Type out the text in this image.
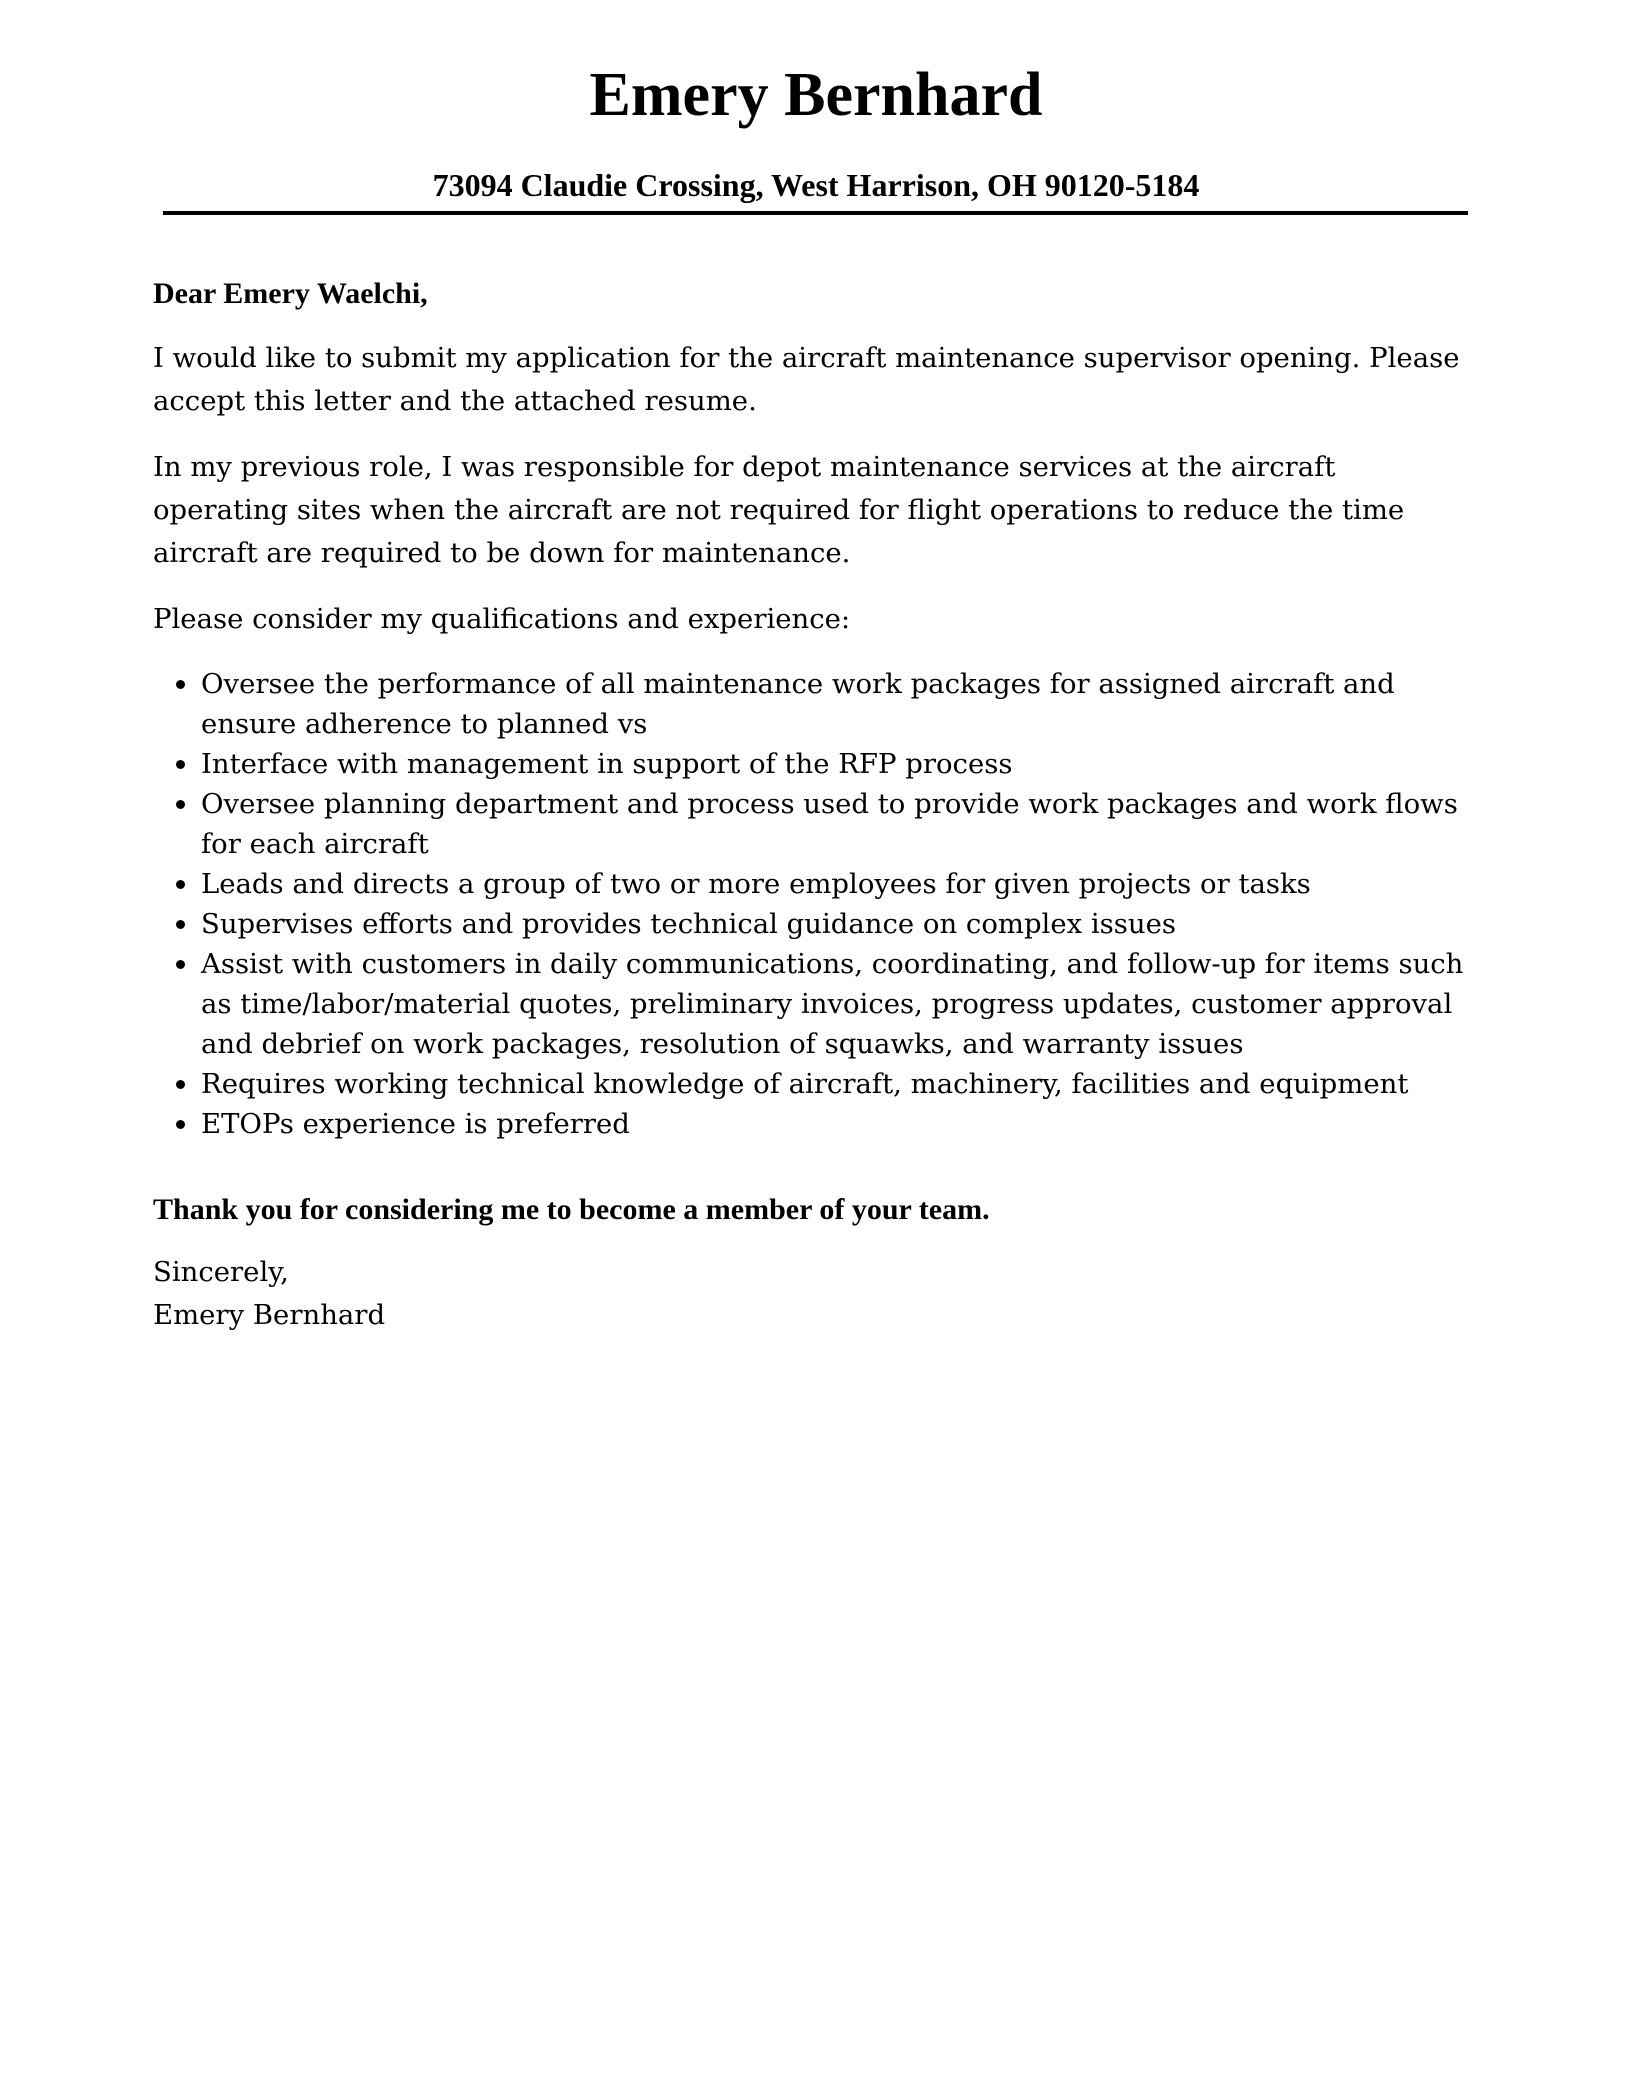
Emery Bernhard
73094 Claudie Crossing, West Harrison, OH 90120-5184

Dear Emery Waelchi,

I would like to submit my application for the aircraft maintenance supervisor opening. Please accept this letter and the attached resume.

In my previous role, I was responsible for depot maintenance services at the aircraft operating sites when the aircraft are not required for flight operations to reduce the time aircraft are required to be down for maintenance.

Please consider my qualifications and experience:

Oversee the performance of all maintenance work packages for assigned aircraft and ensure adherence to planned vs
Interface with management in support of the RFP process
Oversee planning department and process used to provide work packages and work flows for each aircraft
Leads and directs a group of two or more employees for given projects or tasks
Supervises efforts and provides technical guidance on complex issues
Assist with customers in daily communications, coordinating, and follow-up for items such as time/labor/material quotes, preliminary invoices, progress updates, customer approval and debrief on work packages, resolution of squawks, and warranty issues
Requires working technical knowledge of aircraft, machinery, facilities and equipment
ETOPs experience is preferred

Thank you for considering me to become a member of your team.

Sincerely,

Emery Bernhard
